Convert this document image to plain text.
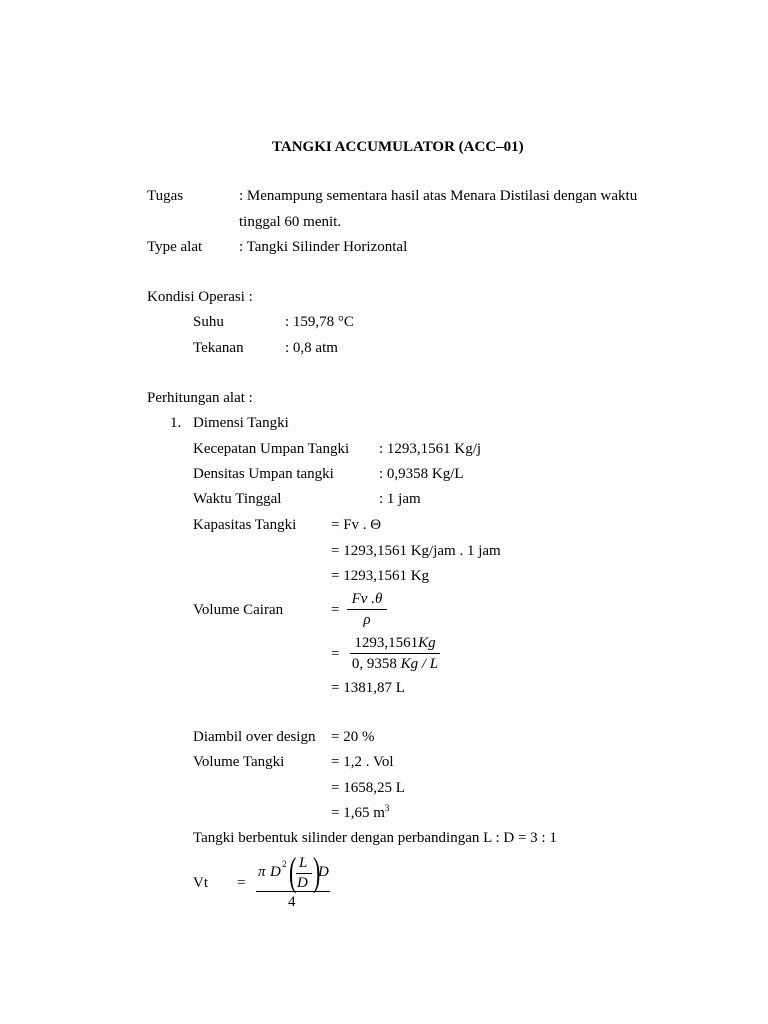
TANGKI ACCUMULATOR (ACC–01)
Tugas	: Menampung sementara hasil atas Menara Distilasi dengan waktu
tinggal 60 menit.
Type alat : Tangki Silinder Horizontal
Kondisi Operasi :
Suhu	: 159,78 °C
Tekanan	: 0,8 atm
Perhitungan alat :
1. Dimensi Tangki
Kecepatan Umpan Tangki : 1293,1561 Kg/j
Densitas Umpan tangki	: 0,9358 Kg/L
Waktu Tinggal	: 1 jam
Kapasitas Tangki = Fv . Θ
= 1293,1561 Kg/jam . 1 jam
= 1293,1561 Kg
Volume Cairan	=
Fv .θ
ρ
=
1293,1561Kg
0, 9358 Kg / L
= 1381,87 L
Diambil over design = 20 %
Volume Tangki	= 1,2 . Vol
= 1658,25 L
= 1,65 $m^3$
Tangki berbentuk silinder dengan perbandingan L : D = 3 : 1
Vt =
π D 2 ( L
D )
D
4
